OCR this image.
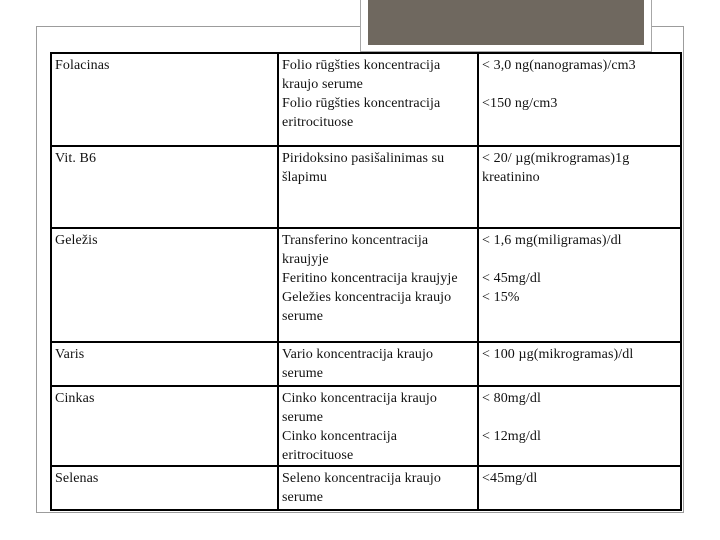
Folacinas	Folio rūgšties koncentracija
kraujo serume
Folio rūgšties koncentracija
eritrocituose	< 3,0 ng(nanogramas)/cm3
<150 ng/cm3

Vit. B6	Piridoksino pasišalinimas su
šlapimu	< 20/ µg(mikrogramas)1g
kreatinino

Geležis	Transferino koncentracija
kraujyje
Feritino koncentracija kraujyje
Geležies koncentracija kraujo
serume	< 1,6 mg(miligramas)/dl
< 45mg/dl
< 15%

Varis	Vario koncentracija kraujo
serume	< 100 µg(mikrogramas)/dl

Cinkas	Cinko koncentracija kraujo
serume
Cinko koncentracija
eritrocituose	< 80mg/dl
< 12mg/dl

Selenas	Seleno koncentracija kraujo
serume	<45mg/dl
